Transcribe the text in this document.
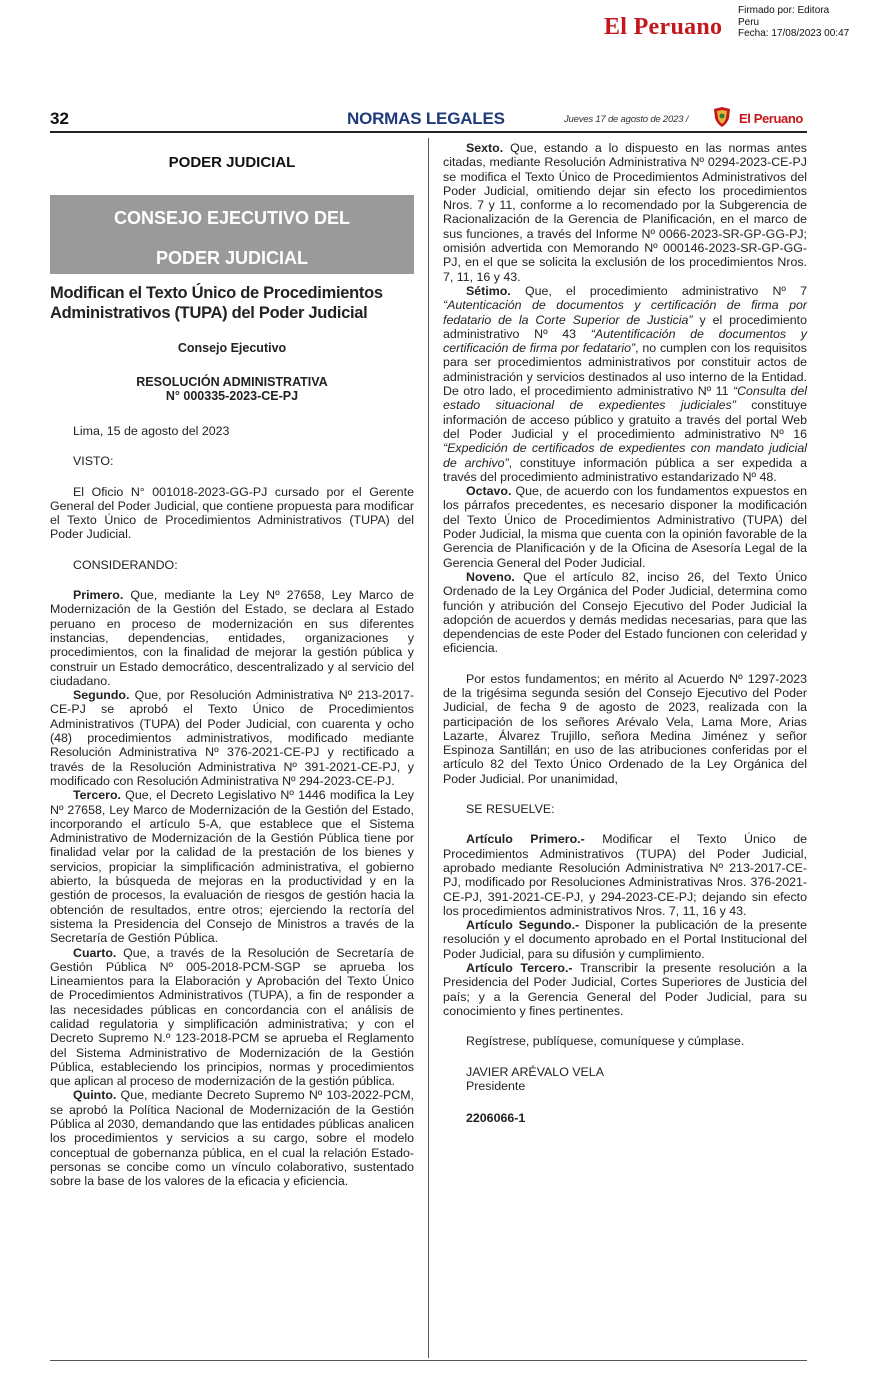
El Peruano
Firmado por: Editora
Peru
Fecha: 17/08/2023 00:47
32	NORMAS LEGALES	Jueves 17 de agosto de 2023 /	El Peruano
PODER JUDICIAL
CONSEJO EJECUTIVO DEL
PODER JUDICIAL
Modifican el Texto Único de Procedimientos Administrativos (TUPA) del Poder Judicial
Consejo Ejecutivo
RESOLUCIÓN ADMINISTRATIVA
N° 000335-2023-CE-PJ

Lima, 15 de agosto del 2023

VISTO:

El Oficio N° 001018-2023-GG-PJ cursado por el Gerente General del Poder Judicial, que contiene propuesta para modificar el Texto Único de Procedimientos Administrativos (TUPA) del Poder Judicial.

CONSIDERANDO:

Primero. Que, mediante la Ley Nº 27658, Ley Marco de Modernización de la Gestión del Estado, se declara al Estado peruano en proceso de modernización en sus diferentes instancias, dependencias, entidades, organizaciones y procedimientos, con la finalidad de mejorar la gestión pública y construir un Estado democrático, descentralizado y al servicio del ciudadano.

Segundo. Que, por Resolución Administrativa Nº 213-2017-CE-PJ se aprobó el Texto Único de Procedimientos Administrativos (TUPA) del Poder Judicial, con cuarenta y ocho (48) procedimientos administrativos, modificado mediante Resolución Administrativa Nº 376-2021-CE-PJ y rectificado a través de la Resolución Administrativa Nº 391-2021-CE-PJ, y modificado con Resolución Administrativa Nº 294-2023-CE-PJ.

Tercero. Que, el Decreto Legislativo Nº 1446 modifica la Ley Nº 27658, Ley Marco de Modernización de la Gestión del Estado, incorporando el artículo 5-A, que establece que el Sistema Administrativo de Modernización de la Gestión Pública tiene por finalidad velar por la calidad de la prestación de los bienes y servicios, propiciar la simplificación administrativa, el gobierno abierto, la búsqueda de mejoras en la productividad y en la gestión de procesos, la evaluación de riesgos de gestión hacia la obtención de resultados, entre otros; ejerciendo la rectoría del sistema la Presidencia del Consejo de Ministros a través de la Secretaría de Gestión Pública.

Cuarto. Que, a través de la Resolución de Secretaría de Gestión Pública Nº 005-2018-PCM-SGP se aprueba los Lineamientos para la Elaboración y Aprobación del Texto Único de Procedimientos Administrativos (TUPA), a fin de responder a las necesidades públicas en concordancia con el análisis de calidad regulatoria y simplificación administrativa; y con el Decreto Supremo N.º 123-2018-PCM se aprueba el Reglamento del Sistema Administrativo de Modernización de la Gestión Pública, estableciendo los principios, normas y procedimientos que aplican al proceso de modernización de la gestión pública.

Quinto. Que, mediante Decreto Supremo Nº 103-2022-PCM, se aprobó la Política Nacional de Modernización de la Gestión Pública al 2030, demandando que las entidades públicas analicen los procedimientos y servicios a su cargo, sobre el modelo conceptual de gobernanza pública, en el cual la relación Estado-personas se concibe como un vínculo colaborativo, sustentado sobre la base de los valores de la eficacia y eficiencia.

Sexto. Que, estando a lo dispuesto en las normas antes citadas, mediante Resolución Administrativa Nº 0294-2023-CE-PJ se modifica el Texto Único de Procedimientos Administrativos del Poder Judicial, omitiendo dejar sin efecto los procedimientos Nros. 7 y 11, conforme a lo recomendado por la Subgerencia de Racionalización de la Gerencia de Planificación, en el marco de sus funciones, a través del Informe Nº 0066-2023-SR-GP-GG-PJ; omisión advertida con Memorando Nº 000146-2023-SR-GP-GG-PJ, en el que se solicita la exclusión de los procedimientos Nros. 7, 11, 16 y 43.

Sétimo. Que, el procedimiento administrativo Nº 7 “Autenticación de documentos y certificación de firma por fedatario de la Corte Superior de Justicia” y el procedimiento administrativo Nº 43 “Autentificación de documentos y certificación de firma por fedatario”, no cumplen con los requisitos para ser procedimientos administrativos por constituir actos de administración y servicios destinados al uso interno de la Entidad. De otro lado, el procedimiento administrativo Nº 11 “Consulta del estado situacional de expedientes judiciales” constituye información de acceso público y gratuito a través del portal Web del Poder Judicial y el procedimiento administrativo Nº 16 “Expedición de certificados de expedientes con mandato judicial de archivo”, constituye información pública a ser expedida a través del procedimiento administrativo estandarizado Nº 48.

Octavo. Que, de acuerdo con los fundamentos expuestos en los párrafos precedentes, es necesario disponer la modificación del Texto Único de Procedimientos Administrativo (TUPA) del Poder Judicial, la misma que cuenta con la opinión favorable de la Gerencia de Planificación y de la Oficina de Asesoría Legal de la Gerencia General del Poder Judicial.

Noveno. Que el artículo 82, inciso 26, del Texto Único Ordenado de la Ley Orgánica del Poder Judicial, determina como función y atribución del Consejo Ejecutivo del Poder Judicial la adopción de acuerdos y demás medidas necesarias, para que las dependencias de este Poder del Estado funcionen con celeridad y eficiencia.

Por estos fundamentos; en mérito al Acuerdo Nº 1297-2023 de la trigésima segunda sesión del Consejo Ejecutivo del Poder Judicial, de fecha 9 de agosto de 2023, realizada con la participación de los señores Arévalo Vela, Lama More, Arias Lazarte, Álvarez Trujillo, señora Medina Jiménez y señor Espinoza Santillán; en uso de las atribuciones conferidas por el artículo 82 del Texto Único Ordenado de la Ley Orgánica del Poder Judicial. Por unanimidad,

SE RESUELVE:

Artículo Primero.- Modificar el Texto Único de Procedimientos Administrativos (TUPA) del Poder Judicial, aprobado mediante Resolución Administrativa Nº 213-2017-CE-PJ, modificado por Resoluciones Administrativas Nros. 376-2021-CE-PJ, 391-2021-CE-PJ, y 294-2023-CE-PJ; dejando sin efecto los procedimientos administrativos Nros. 7, 11, 16 y 43.

Artículo Segundo.- Disponer la publicación de la presente resolución y el documento aprobado en el Portal Institucional del Poder Judicial, para su difusión y cumplimiento.

Artículo Tercero.- Transcribir la presente resolución a la Presidencia del Poder Judicial, Cortes Superiores de Justicia del país; y a la Gerencia General del Poder Judicial, para su conocimiento y fines pertinentes.

Regístrese, publíquese, comuníquese y cúmplase.

JAVIER ARÉVALO VELA

Presidente

2206066-1
